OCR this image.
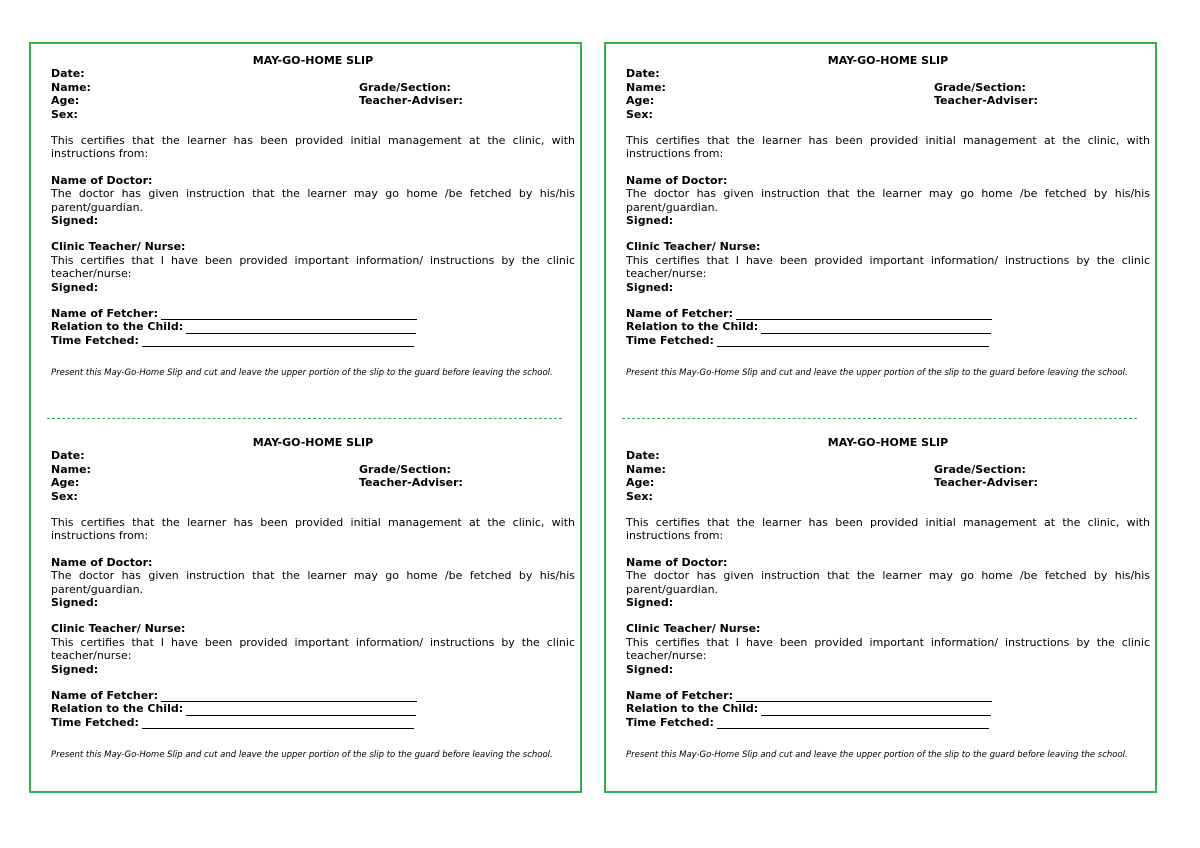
MAY-GO-HOME SLIP
Date:
Name:	Grade/Section:
Age:	Teacher-Adviser:
Sex:
This certifies that the learner has been provided initial management at the clinic, with instructions from:
Name of Doctor:
The doctor has given instruction that the learner may go home /be fetched by his/his parent/guardian.
Signed:
Clinic Teacher/ Nurse:
This certifies that I have been provided important information/ instructions by the clinic teacher/nurse:
Signed:
Name of Fetcher:
Relation to the Child:
Time Fetched:
Present this May-Go-Home Slip and cut and leave the upper portion of the slip to the guard before leaving the school.
MAY-GO-HOME SLIP
Date:
Name:	Grade/Section:
Age:	Teacher-Adviser:
Sex:
This certifies that the learner has been provided initial management at the clinic, with instructions from:
Name of Doctor:
The doctor has given instruction that the learner may go home /be fetched by his/his parent/guardian.
Signed:
Clinic Teacher/ Nurse:
This certifies that I have been provided important information/ instructions by the clinic teacher/nurse:
Signed:
Name of Fetcher:
Relation to the Child:
Time Fetched:
Present this May-Go-Home Slip and cut and leave the upper portion of the slip to the guard before leaving the school.
MAY-GO-HOME SLIP
Date:
Name:	Grade/Section:
Age:	Teacher-Adviser:
Sex:
This certifies that the learner has been provided initial management at the clinic, with instructions from:
Name of Doctor:
The doctor has given instruction that the learner may go home /be fetched by his/his parent/guardian.
Signed:
Clinic Teacher/ Nurse:
This certifies that I have been provided important information/ instructions by the clinic teacher/nurse:
Signed:
Name of Fetcher:
Relation to the Child:
Time Fetched:
Present this May-Go-Home Slip and cut and leave the upper portion of the slip to the guard before leaving the school.
MAY-GO-HOME SLIP
Date:
Name:	Grade/Section:
Age:	Teacher-Adviser:
Sex:
This certifies that the learner has been provided initial management at the clinic, with instructions from:
Name of Doctor:
The doctor has given instruction that the learner may go home /be fetched by his/his parent/guardian.
Signed:
Clinic Teacher/ Nurse:
This certifies that I have been provided important information/ instructions by the clinic teacher/nurse:
Signed:
Name of Fetcher:
Relation to the Child:
Time Fetched:
Present this May-Go-Home Slip and cut and leave the upper portion of the slip to the guard before leaving the school.
